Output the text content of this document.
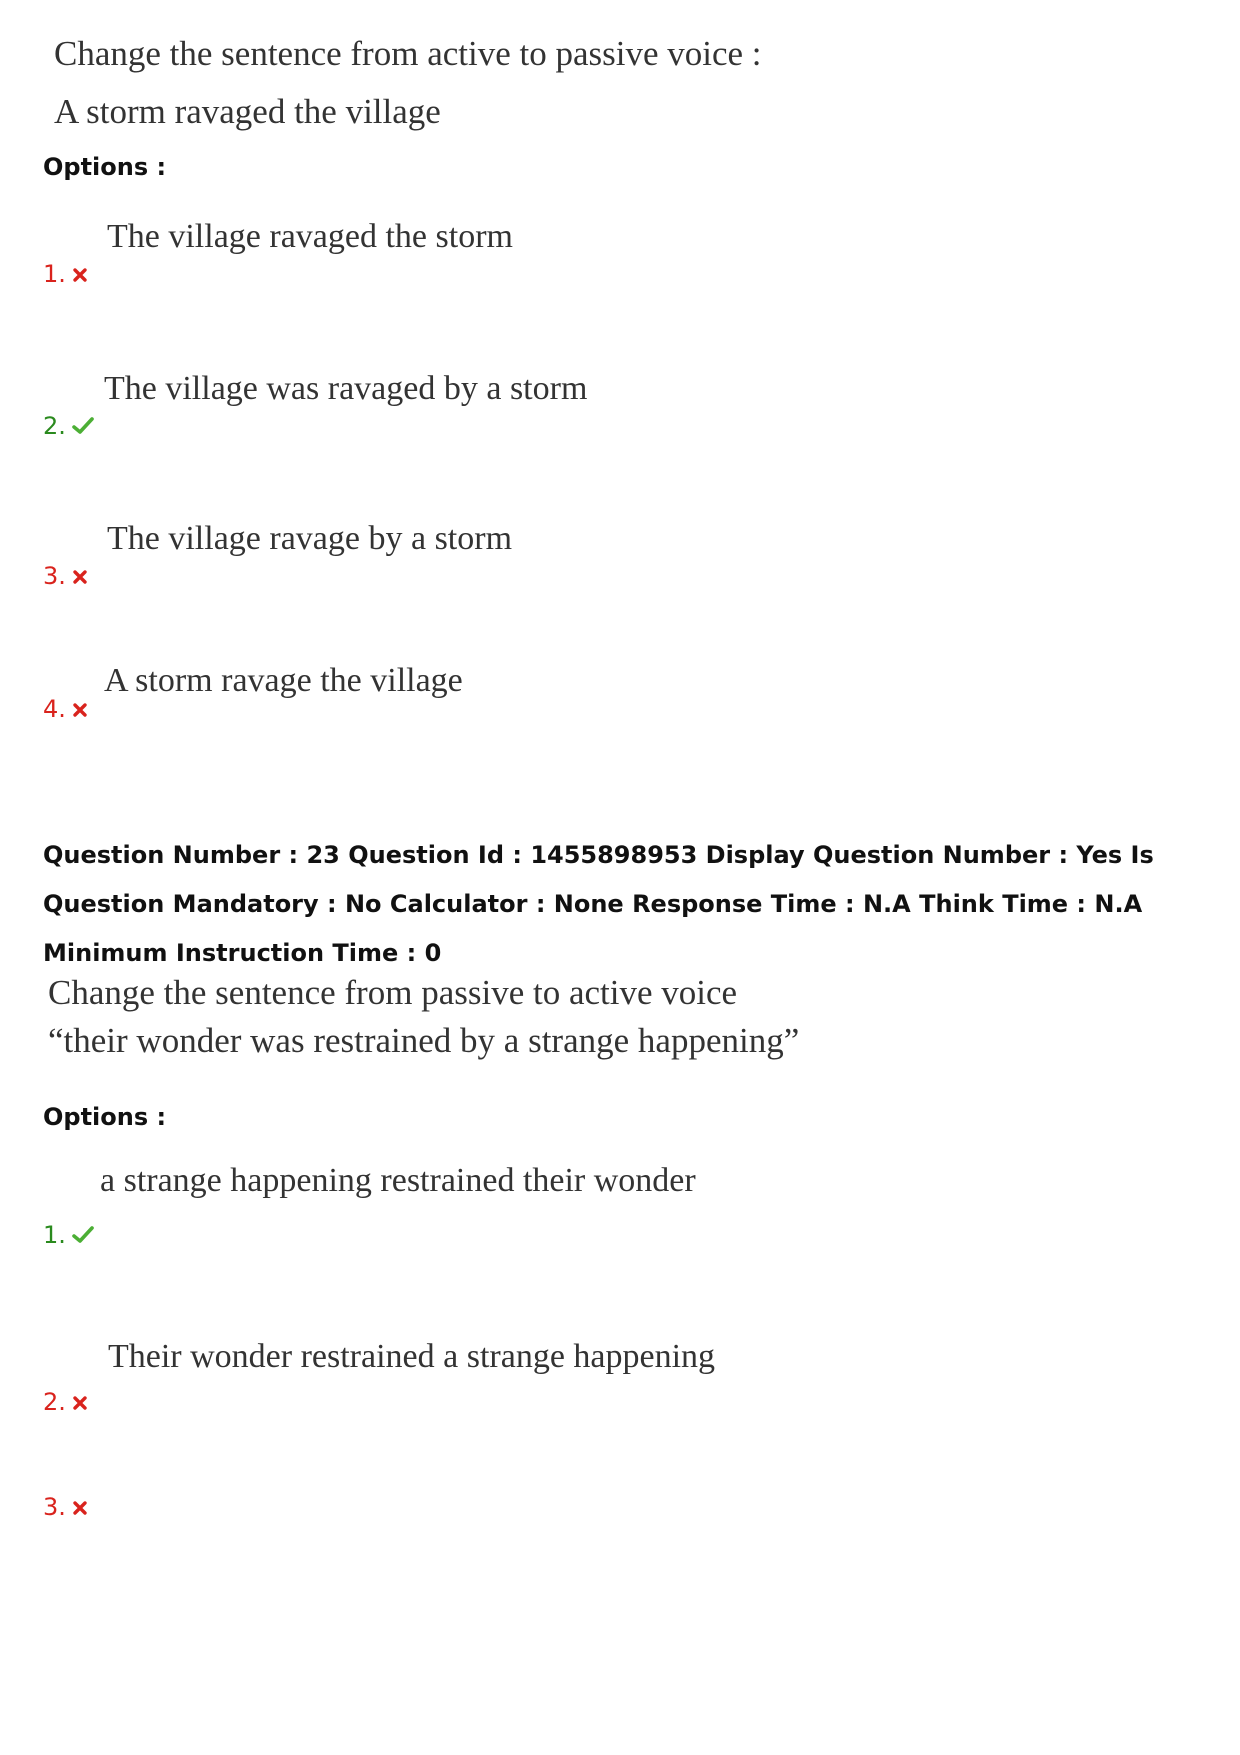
Change the sentence from active to passive voice :
A storm ravaged the village
Options :
The village ravaged the storm
1.
The village was ravaged by a storm
2.
The village ravage by a storm
3.
A storm ravage the village
4.
Question Number : 23 Question Id : 1455898953 Display Question Number : Yes Is Question Mandatory : No Calculator : None Response Time : N.A Think Time : N.A Minimum Instruction Time : 0
Change the sentence from passive to active voice
“their wonder was restrained by a strange happening”
Options :
a strange happening restrained their wonder
1.
Their wonder restrained a strange happening
2.
3.
